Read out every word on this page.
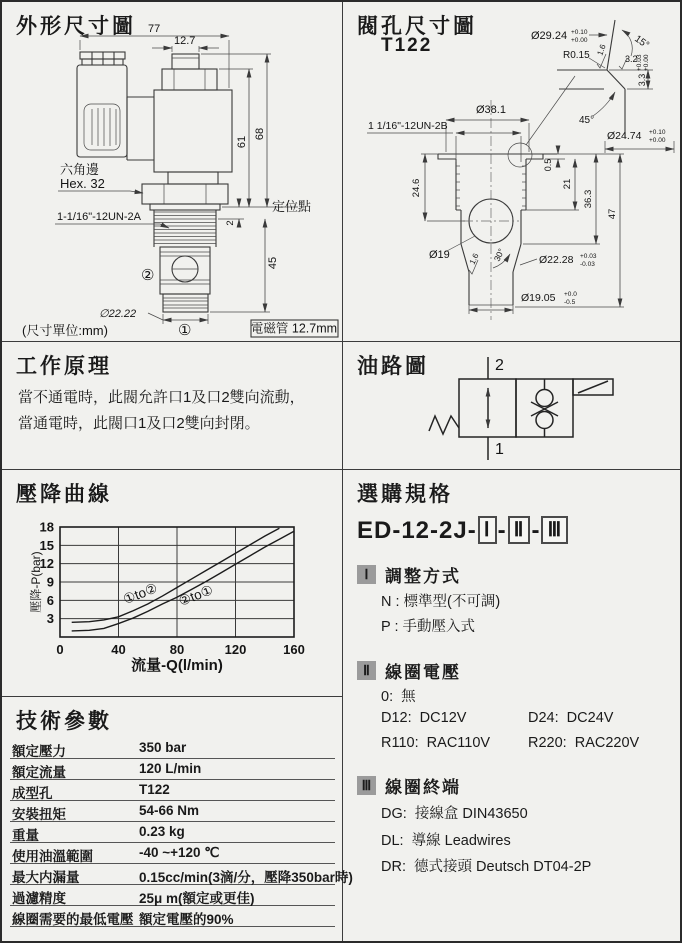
外形尺寸圖 77
12.7
61
68
2
45
定位點
六角邊
Hex. 32
1-1/16"-12UN-2A
∅22.22
①
②
(尺寸單位:mm)	電磁管 12.7mm
閥孔尺寸圖
T122	Ø29.24 +0.10
+0.00
R0.15
15°
1.6
3.2
3.3
+0.03 +0.00
45°
Ø24.74 +0.10
+0.00
Ø38.1
1 1/16"-12UN-2B
24.6
0.5
21
36.3
47
Ø19	30°
1.6	Ø22.28 +0.03
-0.03
Ø19.05 +0.0
-0.5
工作原理
當不通電時，此閥允許口1及口2雙向流動，
當通電時，此閥口1及口2雙向封閉。
油路圖	2
1
壓降曲線
壓降-P(bar)
流量-Q(l/min)
0	40	80	120	160
3
6
9
12
15
18
①to② ②to①
選購規格
ED-12-2J- Ⅰ - Ⅱ - Ⅲ
Ⅰ 調整方式
N : 標準型(不可調)
P : 手動壓入式
Ⅱ 線圈電壓
0:  無
D12:  DC12V	D24:  DC24V
R110:  RAC110V	R220:  RAC220V
Ⅲ 線圈終端
DG:  接線盒 DIN43650
DL:  導線 Leadwires
DR:  德式接頭 Deutsch DT04-2P
技術參數
額定壓力	350 bar
額定流量	120 L/min
成型孔	T122
安裝扭矩	54-66 Nm
重量	0.23 kg
使用油溫範圍	-40 ~+120 ℃
最大内漏量	0.15cc/min(3滴/分，壓降350bar時)
過濾精度	25μ m(額定或更佳)
線圈需要的最低電壓 額定電壓的90%
